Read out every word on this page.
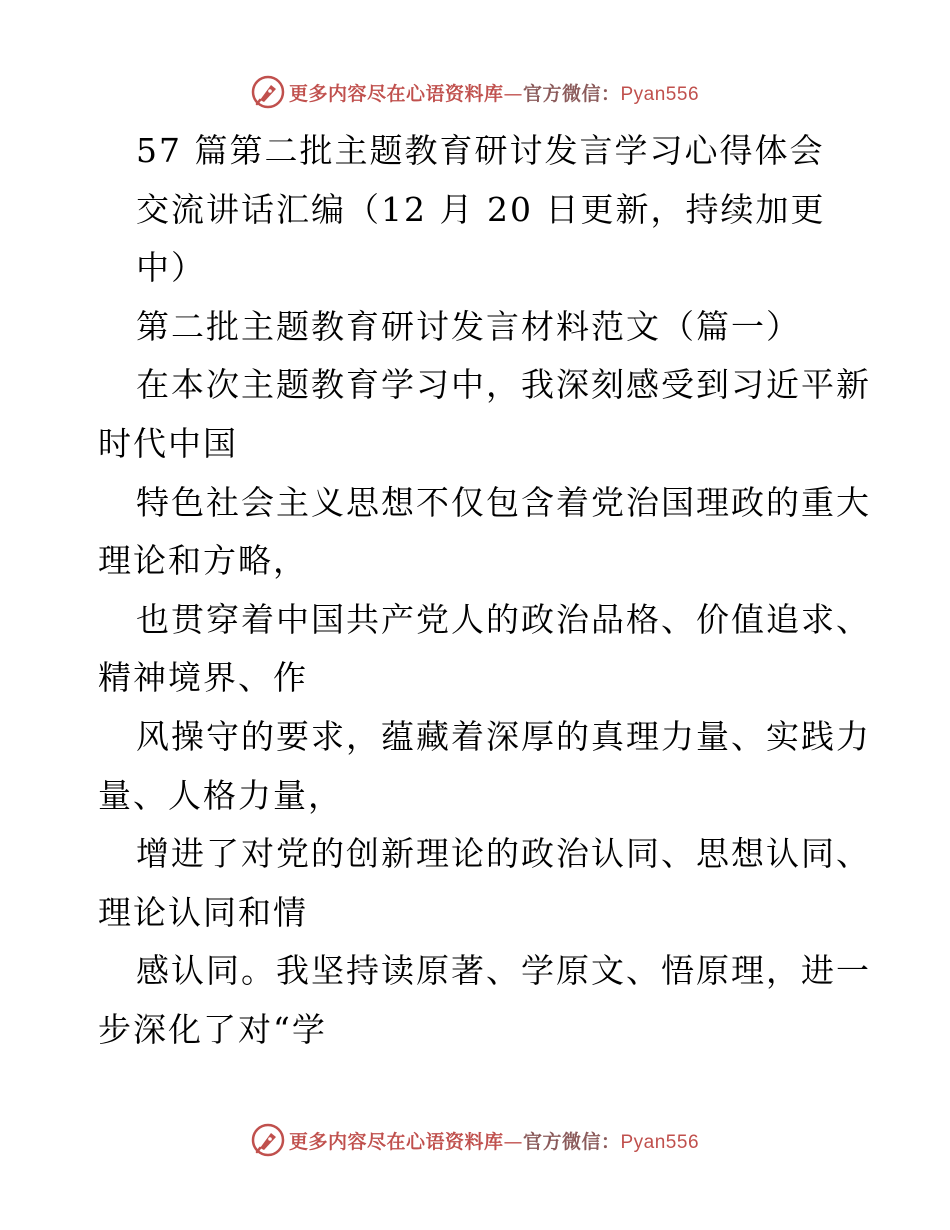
更多内容尽在心语资料库—官方微信：Pyan556
57 篇第二批主题教育研讨发言学习心得体会
交流讲话汇编（12 月 20 日更新，持续加更
中）
第二批主题教育研讨发言材料范文（篇一）
在本次主题教育学习中，我深刻感受到习近平新
时代中国
特色社会主义思想不仅包含着党治国理政的重大
理论和方略，
也贯穿着中国共产党人的政治品格、价值追求、
精神境界、作
风操守的要求，蕴藏着深厚的真理力量、实践力
量、人格力量，
增进了对党的创新理论的政治认同、思想认同、
理论认同和情
感认同。我坚持读原著、学原文、悟原理，进一
步深化了对“学
更多内容尽在心语资料库—官方微信：Pyan556
